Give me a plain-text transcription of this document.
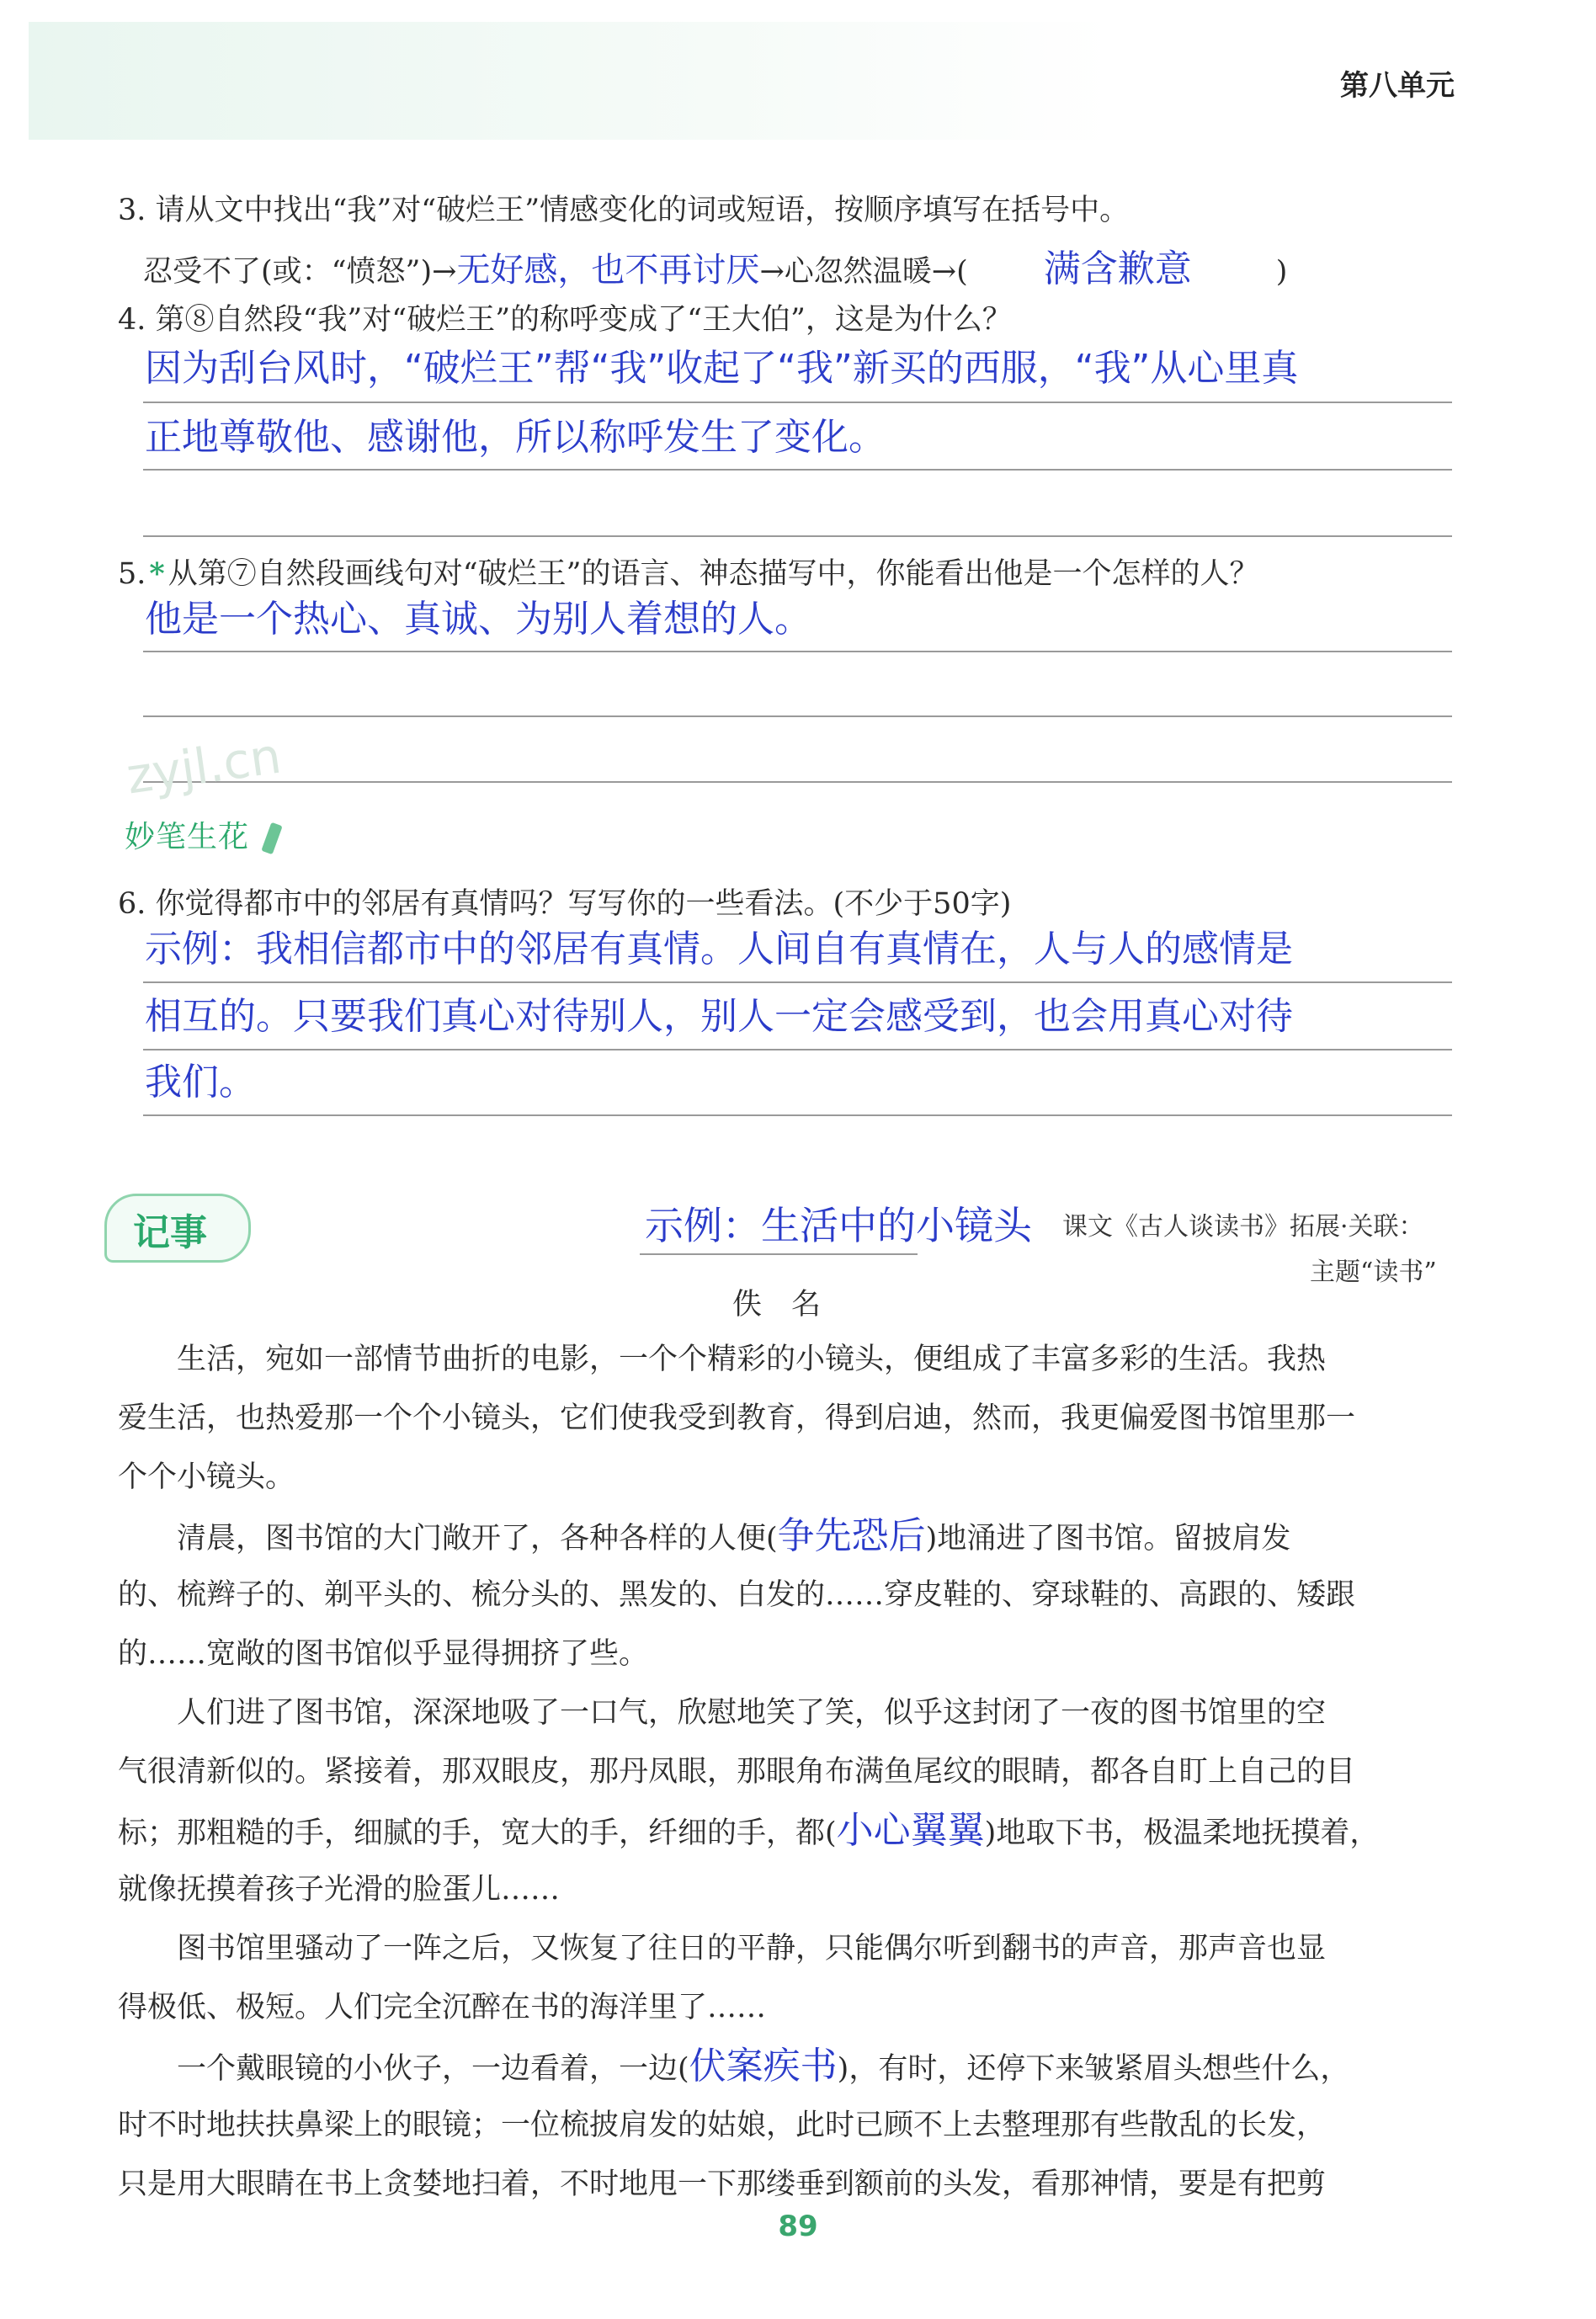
第八单元
3. 请从文中找出“我”对“破烂王”情感变化的词或短语，按顺序填写在括号中。
忍受不了(或：“愤怒”)→无好感，也不再讨厌→心忽然温暖→( 满含歉意	)
4. 第⑧自然段“我”对“破烂王”的称呼变成了“王大伯”，这是为什么？
因为刮台风时，“破烂王”帮“我”收起了“我”新买的西服，“我”从心里真
正地尊敬他、感谢他，所以称呼发生了变化。
5. * 从第⑦自然段画线句对“破烂王”的语言、神态描写中，你能看出他是一个怎样的人？
他是一个热心、真诚、为别人着想的人。
zyjl.cn
妙笔生花
6. 你觉得都市中的邻居有真情吗？写写你的一些看法。(不少于50字)
示例：我相信都市中的邻居有真情。人间自有真情在，人与人的感情是
相互的。只要我们真心对待别人，别人一定会感受到，也会用真心对待
我们。
记事	示例：生活中的小镜头 课文《古人谈读书》拓展·关联：
主题“读书”
佚　名
生活，宛如一部情节曲折的电影，一个个精彩的小镜头，便组成了丰富多彩的生活。我热
爱生活，也热爱那一个个小镜头，它们使我受到教育，得到启迪，然而，我更偏爱图书馆里那一
个个小镜头。
清晨，图书馆的大门敞开了，各种各样的人便(争先恐后)地涌进了图书馆。留披肩发
的、梳辫子的、剃平头的、梳分头的、黑发的、白发的……穿皮鞋的、穿球鞋的、高跟的、矮跟
的……宽敞的图书馆似乎显得拥挤了些。
人们进了图书馆，深深地吸了一口气，欣慰地笑了笑，似乎这封闭了一夜的图书馆里的空
气很清新似的。紧接着，那双眼皮，那丹凤眼，那眼角布满鱼尾纹的眼睛，都各自盯上自己的目
标；那粗糙的手，细腻的手，宽大的手，纤细的手，都(小心翼翼)地取下书，极温柔地抚摸着，
就像抚摸着孩子光滑的脸蛋儿……
图书馆里骚动了一阵之后，又恢复了往日的平静，只能偶尔听到翻书的声音，那声音也显
得极低、极短。人们完全沉醉在书的海洋里了……
一个戴眼镜的小伙子，一边看着，一边(伏案疾书)，有时，还停下来皱紧眉头想些什么，
时不时地扶扶鼻梁上的眼镜；一位梳披肩发的姑娘，此时已顾不上去整理那有些散乱的长发，
只是用大眼睛在书上贪婪地扫着，不时地甩一下那缕垂到额前的头发，看那神情，要是有把剪
89
